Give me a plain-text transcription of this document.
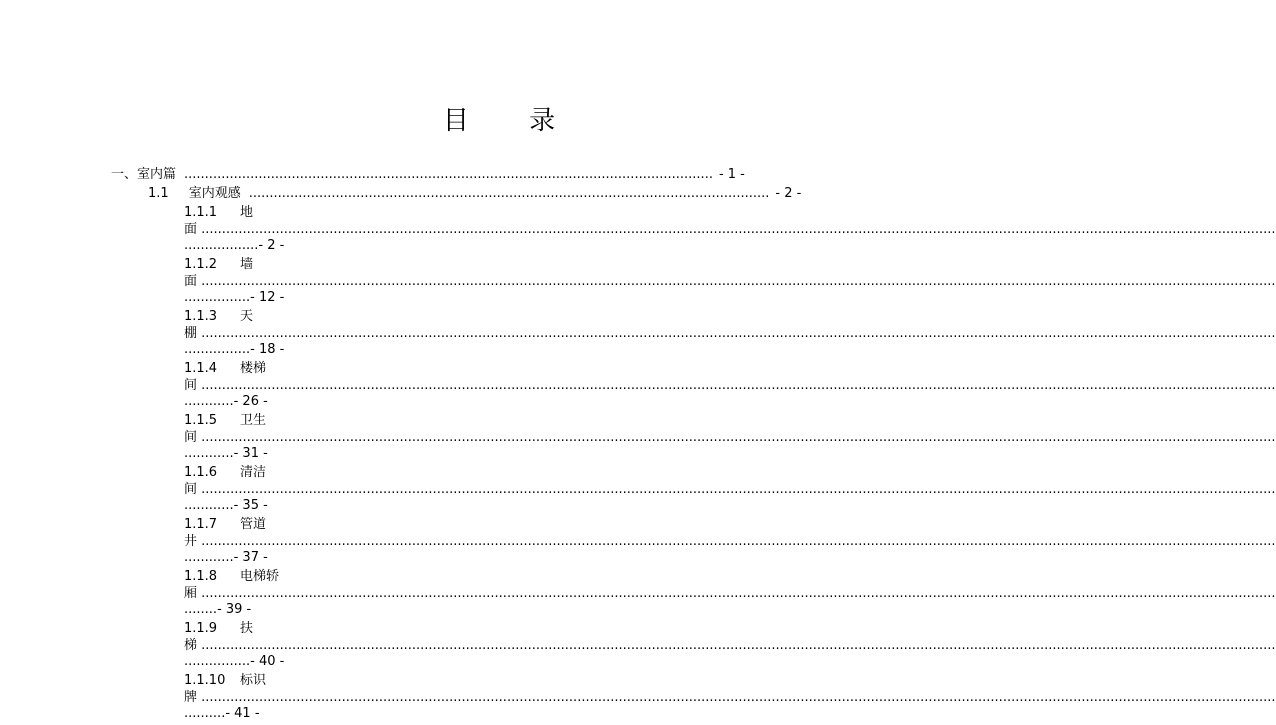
目 录
一、室内篇 ................................................................................................................................ - 1 -
1.1 室内观感 .............................................................................................................................. - 2 -
1.1.1 地
面 ....................................................................................................................................................................................................................................................................
..................- 2 -
1.1.2 墙
面 ....................................................................................................................................................................................................................................................................
................- 12 -
1.1.3 天
棚 ....................................................................................................................................................................................................................................................................
................- 18 -
1.1.4 楼梯
间 ....................................................................................................................................................................................................................................................................
............- 26 -
1.1.5 卫生
间 ....................................................................................................................................................................................................................................................................
............- 31 -
1.1.6 清洁
间 ....................................................................................................................................................................................................................................................................
............- 35 -
1.1.7 管道
井 ....................................................................................................................................................................................................................................................................
............- 37 -
1.1.8 电梯轿
厢 ....................................................................................................................................................................................................................................................................
........- 39 -
1.1.9 扶
梯 ....................................................................................................................................................................................................................................................................
................- 40 -
1.1.10 标识
牌 ....................................................................................................................................................................................................................................................................
..........- 41 -
